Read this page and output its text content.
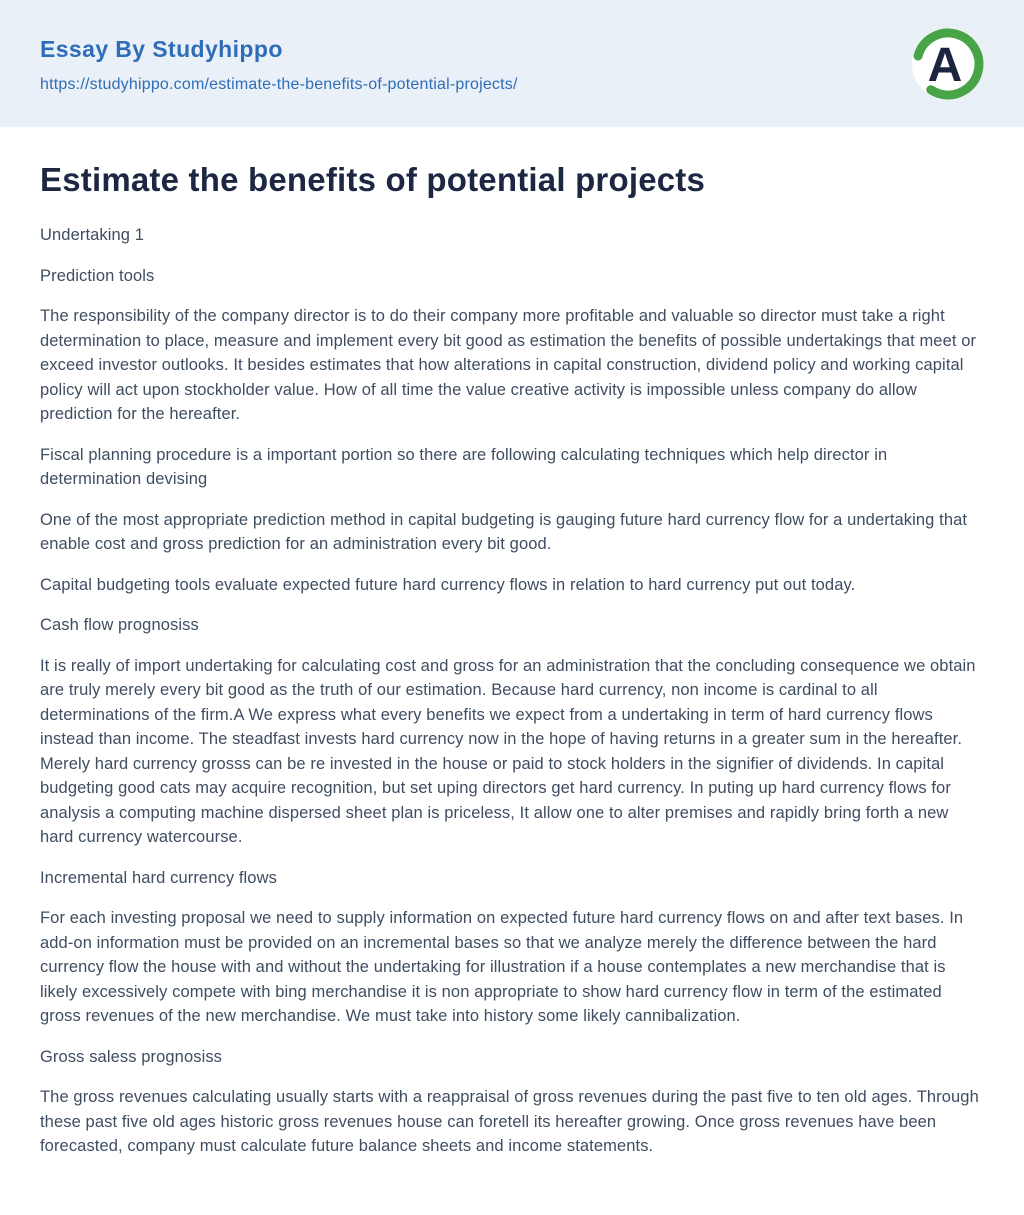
Essay By Studyhippo
https://studyhippo.com/estimate-the-benefits-of-potential-projects/	A
Estimate the benefits of potential projects

Undertaking 1

Prediction tools

The responsibility of the company director is to do their company more profitable and valuable so director must take a right determination to place, measure and implement every bit good as estimation the benefits of possible undertakings that meet or exceed investor outlooks. It besides estimates that how alterations in capital construction, dividend policy and working capital policy will act upon stockholder value. How of all time the value creative activity is impossible unless company do allow prediction for the hereafter.

Fiscal planning procedure is a important portion so there are following calculating techniques which help director in determination devising

One of the most appropriate prediction method in capital budgeting is gauging future hard currency flow for a undertaking that enable cost and gross prediction for an administration every bit good.

Capital budgeting tools evaluate expected future hard currency flows in relation to hard currency put out today.

Cash flow prognosiss

It is really of import undertaking for calculating cost and gross for an administration that the concluding consequence we obtain are truly merely every bit good as the truth of our estimation. Because hard currency, non income is cardinal to all determinations of the firm.A We express what every benefits we expect from a undertaking in term of hard currency flows instead than income. The steadfast invests hard currency now in the hope of having returns in a greater sum in the hereafter. Merely hard currency grosss can be re invested in the house or paid to stock holders in the signifier of dividends. In capital budgeting good cats may acquire recognition, but set uping directors get hard currency. In puting up hard currency flows for analysis a computing machine dispersed sheet plan is priceless, It allow one to alter premises and rapidly bring forth a new hard currency watercourse.

Incremental hard currency flows

For each investing proposal we need to supply information on expected future hard currency flows on and after text bases. In add-on information must be provided on an incremental bases so that we analyze merely the difference between the hard currency flow the house with and without the undertaking for illustration if a house contemplates a new merchandise that is likely excessively compete with bing merchandise it is non appropriate to show hard currency flow in term of the estimated gross revenues of the new merchandise. We must take into history some likely cannibalization.

Gross saless prognosiss

The gross revenues calculating usually starts with a reappraisal of gross revenues during the past five to ten old ages. Through these past five old ages historic gross revenues house can foretell its hereafter growing. Once gross revenues have been forecasted, company must calculate future balance sheets and income statements.
